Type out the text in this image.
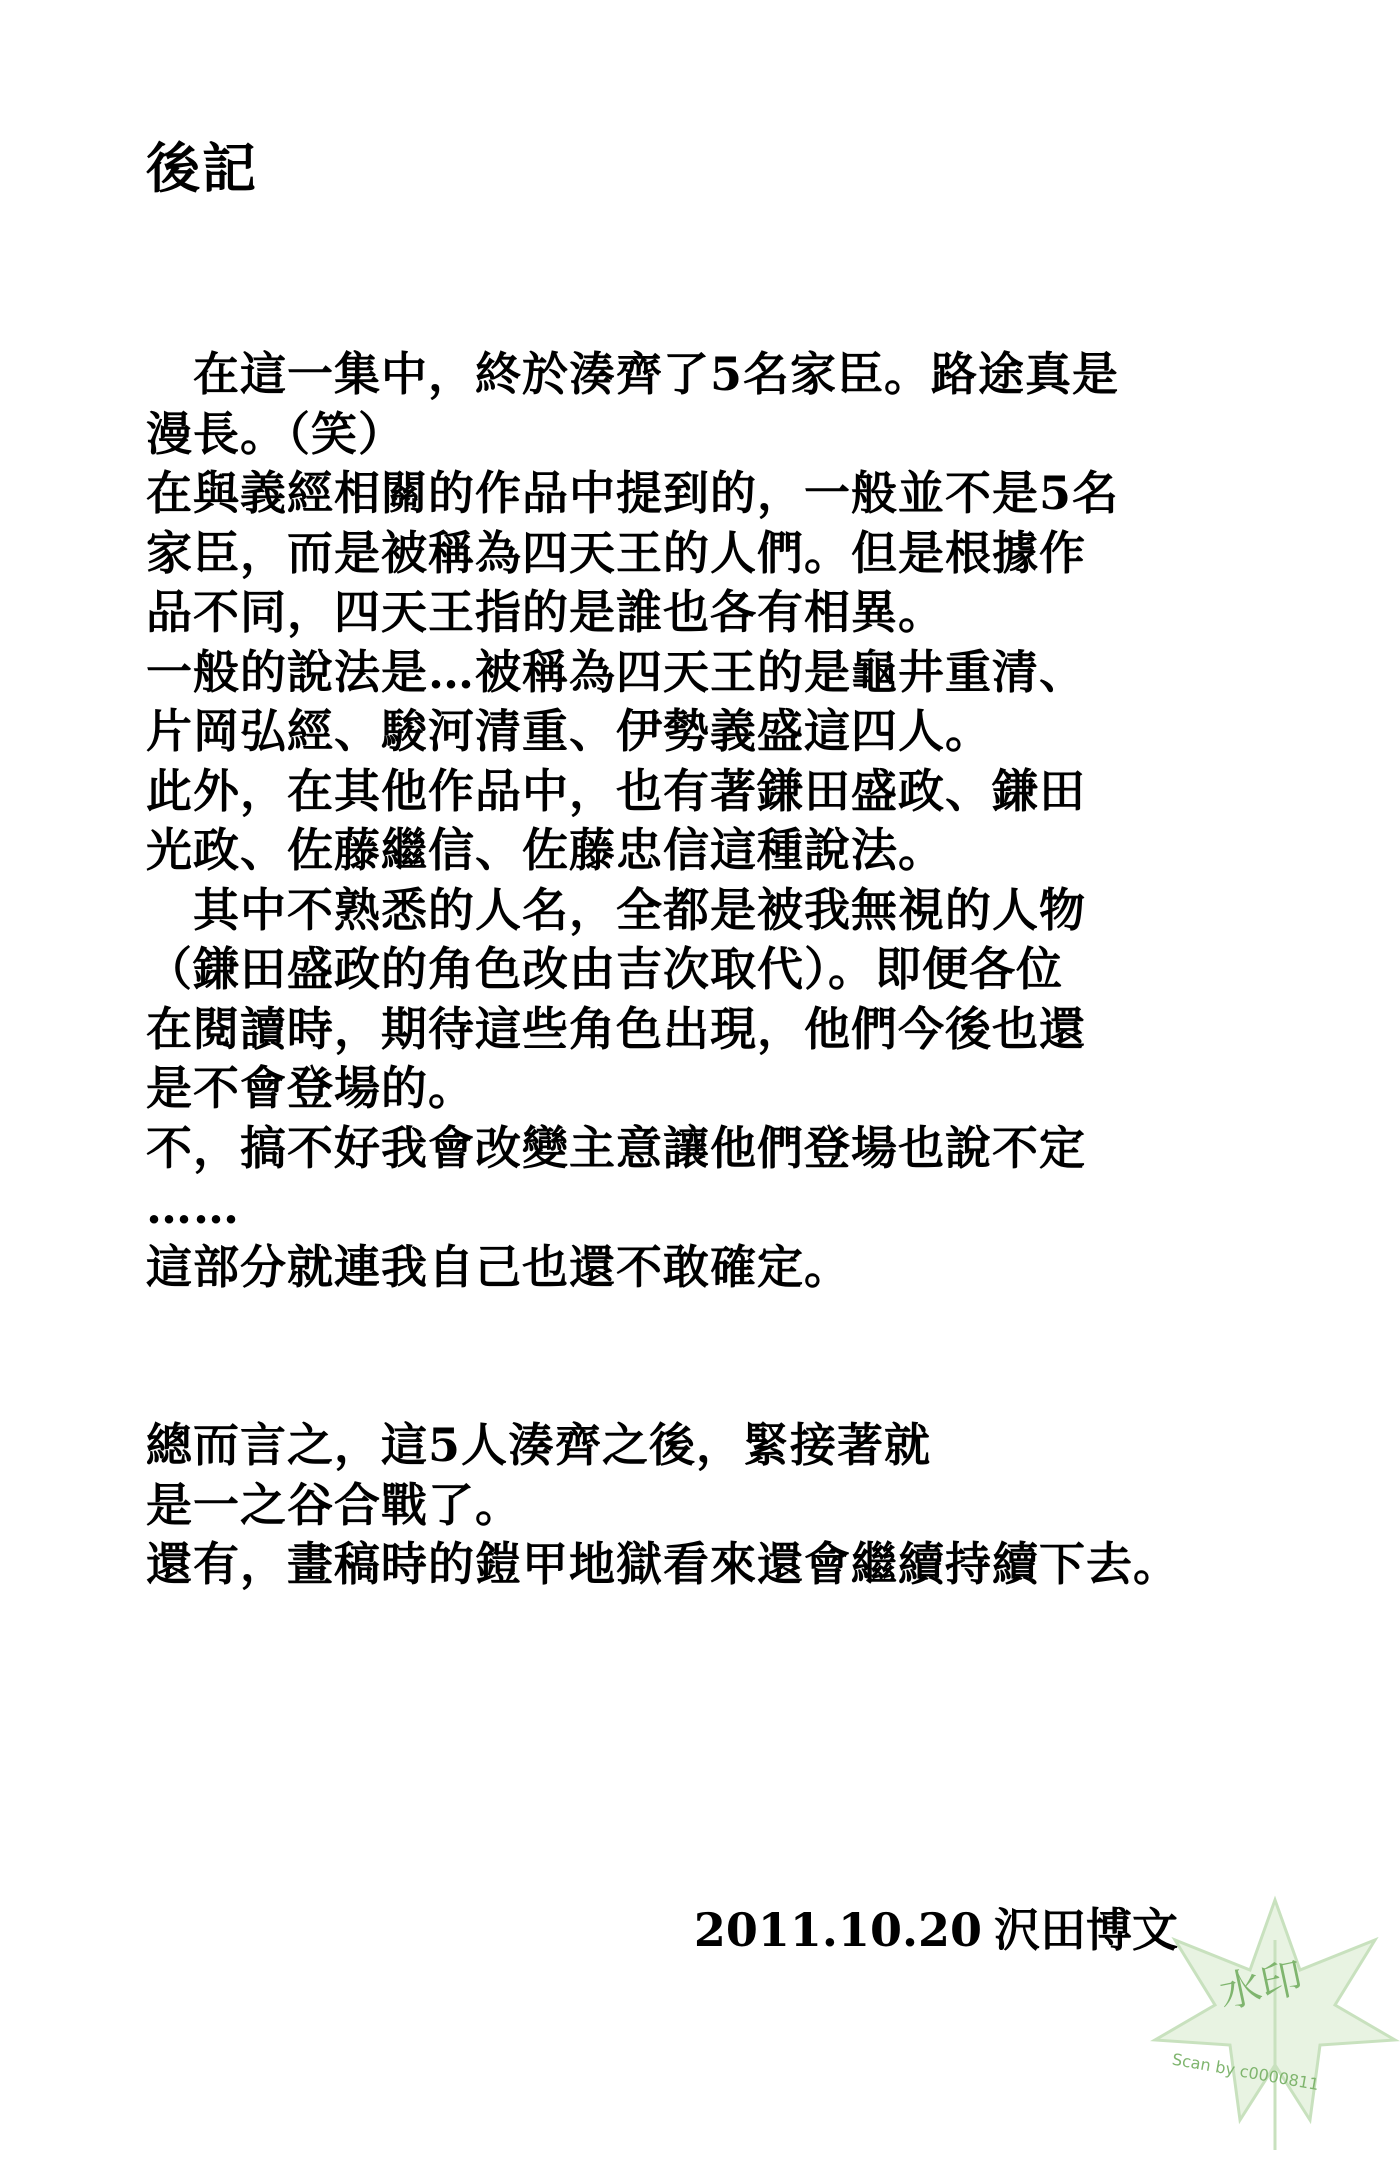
後記
　在這一集中，終於湊齊了5名家臣。路途真是
漫長。（笑）
在與義經相關的作品中提到的，一般並不是5名
家臣，而是被稱為四天王的人們。但是根據作
品不同，四天王指的是誰也各有相異。
一般的說法是…被稱為四天王的是龜井重清、
片岡弘經、駿河清重、伊勢義盛這四人。
此外，在其他作品中，也有著鎌田盛政、鎌田
光政、佐藤繼信、佐藤忠信這種說法。
　其中不熟悉的人名，全都是被我無視的人物
（鎌田盛政的角色改由吉次取代）。即便各位
在閱讀時，期待這些角色出現，他們今後也還
是不會登場的。
不，搞不好我會改變主意讓他們登場也說不定
……
這部分就連我自己也還不敢確定。
總而言之，這5人湊齊之後，緊接著就
是一之谷合戰了。
還有，畫稿時的鎧甲地獄看來還會繼續持續下去。
2011.10.20 沢田博文
水印
Scan by c0000811
